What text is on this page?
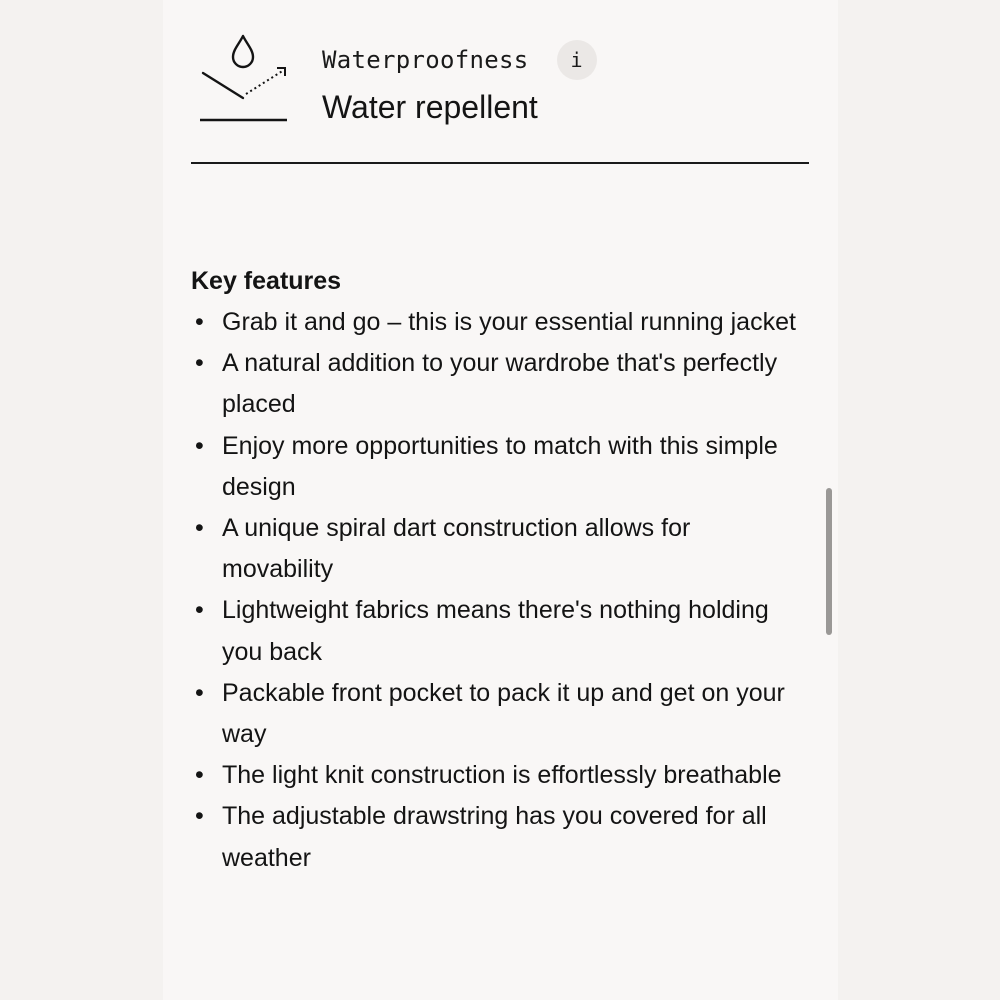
Waterproofness	i
Water repellent
Key features
• Grab it and go – this is your essential running jacket
• A natural addition to your wardrobe that's perfectly placed
• Enjoy more opportunities to match with this simple design
• A unique spiral dart construction allows for movability
• Lightweight fabrics means there's nothing holding you back
• Packable front pocket to pack it up and get on your way
• The light knit construction is effortlessly breathable
• The adjustable drawstring has you covered for all weather
